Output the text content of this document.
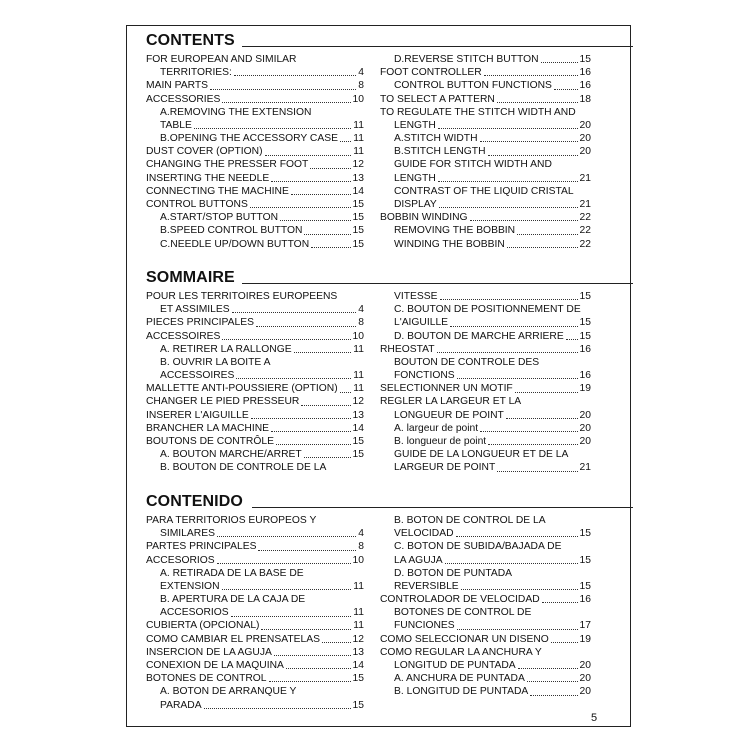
CONTENTS
FOR EUROPEAN AND SIMILAR
TERRITORIES:	4
MAIN PARTS	8
ACCESSORIES	10
A.REMOVING THE EXTENSION
TABLE	11
B.OPENING THE ACCESSORY CASE 11
DUST COVER (OPTION)	11
CHANGING THE PRESSER FOOT	12
INSERTING THE NEEDLE	13
CONNECTING THE MACHINE	14
CONTROL BUTTONS	15
A.START/STOP BUTTON	15
B.SPEED CONTROL BUTTON	15
C.NEEDLE UP/DOWN BUTTON	15
D.REVERSE STITCH BUTTON	15
FOOT CONTROLLER	16
CONTROL BUTTON FUNCTIONS	16
TO SELECT A PATTERN	18
TO REGULATE THE STITCH WIDTH AND
LENGTH	20
A.STITCH WIDTH	20
B.STITCH LENGTH	20
GUIDE FOR STITCH WIDTH AND
LENGTH	21
CONTRAST OF THE LIQUID CRISTAL
DISPLAY	21
BOBBIN WINDING	22
REMOVING THE BOBBIN	22
WINDING THE BOBBIN	22
SOMMAIRE
POUR LES TERRITOIRES EUROPEENS
ET ASSIMILES	4
PIECES PRINCIPALES	8
ACCESSOIRES	10
A. RETIRER LA RALLONGE	11
B. OUVRIR LA BOITE A
ACCESSOIRES	11
MALLETTE ANTI-POUSSIERE (OPTION) 11
CHANGER LE PIED PRESSEUR	12
INSERER L'AIGUILLE	13
BRANCHER LA MACHINE	14
BOUTONS DE CONTRÔLE	15
A. BOUTON MARCHE/ARRET	15
B. BOUTON DE CONTROLE DE LA
VITESSE	15
C. BOUTON DE POSITIONNEMENT DE
L'AIGUILLE	15
D. BOUTON DE MARCHE ARRIERE 15
RHEOSTAT	16
BOUTON DE CONTROLE DES
FONCTIONS	16
SELECTIONNER UN MOTIF	19
REGLER LA LARGEUR ET LA
LONGUEUR DE POINT	20
A. largeur de point	20
B. longueur de point	20
GUIDE DE LA LONGUEUR ET DE LA
LARGEUR DE POINT	21
CONTENIDO
PARA TERRITORIOS EUROPEOS Y
SIMILARES	4
PARTES PRINCIPALES	8
ACCESORIOS	10
A. RETIRADA DE LA BASE DE
EXTENSION	11
B. APERTURA DE LA CAJA DE
ACCESORIOS	11
CUBIERTA (OPCIONAL)	11
COMO CAMBIAR EL PRENSATELAS	12
INSERCION DE LA AGUJA	13
CONEXION DE LA MAQUINA	14
BOTONES DE CONTROL	15
A. BOTON DE ARRANQUE Y
PARADA	15
B. BOTON DE CONTROL DE LA
VELOCIDAD	15
C. BOTON DE SUBIDA/BAJADA DE
LA AGUJA	15
D. BOTON DE PUNTADA
REVERSIBLE	15
CONTROLADOR DE VELOCIDAD	16
BOTONES DE CONTROL DE
FUNCIONES	17
COMO SELECCIONAR UN DISENO	19
COMO REGULAR LA ANCHURA Y
LONGITUD DE PUNTADA	20
A. ANCHURA DE PUNTADA	20
B. LONGITUD DE PUNTADA	20
5
